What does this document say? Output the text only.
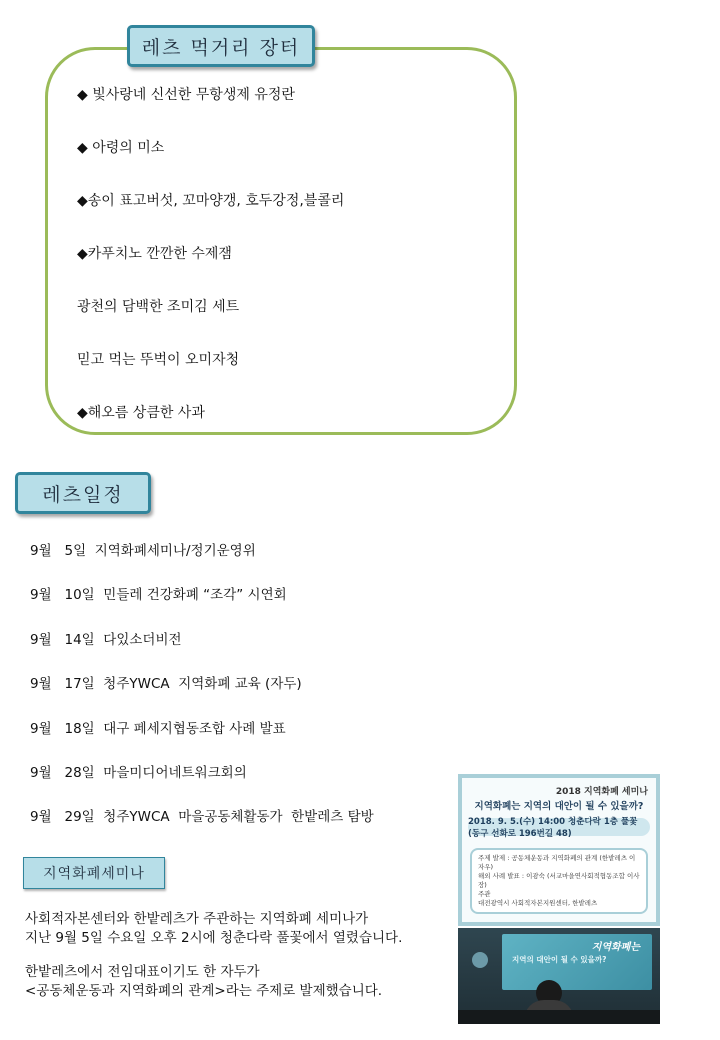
레츠 먹거리 장터
◆ 빛사랑네 신선한 무항생제 유정란
◆ 아령의 미소
◆송이 표고버섯, 꼬마양갱, 호두강정,블콜리
◆카푸치노 깐깐한 수제잼
광천의 담백한 조미김 세트
믿고 먹는 뚜벅이 오미자청
◆해오름 상큼한 사과
레츠일정
9월   5일  지역화폐세미나/정기운영위
9월   10일  민들레 건강화폐 “조각” 시연회
9월   14일  다있소더비전
9월   17일  청주YWCA  지역화폐 교육 (자두)
9월   18일  대구 페세지협동조합 사례 발표
9월   28일  마을미디어네트워크회의
9월   29일  청주YWCA  마을공동체활동가  한밭레츠 탐방
지역화폐세미나
사회적자본센터와 한밭레츠가 주관하는 지역화폐 세미나가
지난 9월 5일 수요일 오후 2시에 청춘다락 풀꽃에서 열렸습니다.
한밭레츠에서 전임대표이기도 한 자두가
<공동체운동과 지역화폐의 관계>라는 주제로 발제했습니다.
2018 지역화폐 세미나
지역화폐는 지역의 대안이 될 수 있을까?
2018. 9. 5.(수) 14:00 청춘다락 1층 풀꽃 (동구 선화로 196번길 48)
주제 발제 : 공동체운동과 지역화폐의 관계 (한밭레츠 이자우)
해외 사례 발표 : 이광숙 (서교마을연사회적협동조합 이사장)
주관
대전광역시 사회적자본지원센터, 한밭레츠
지역화폐는
지역의 대안이 될 수 있을까?
